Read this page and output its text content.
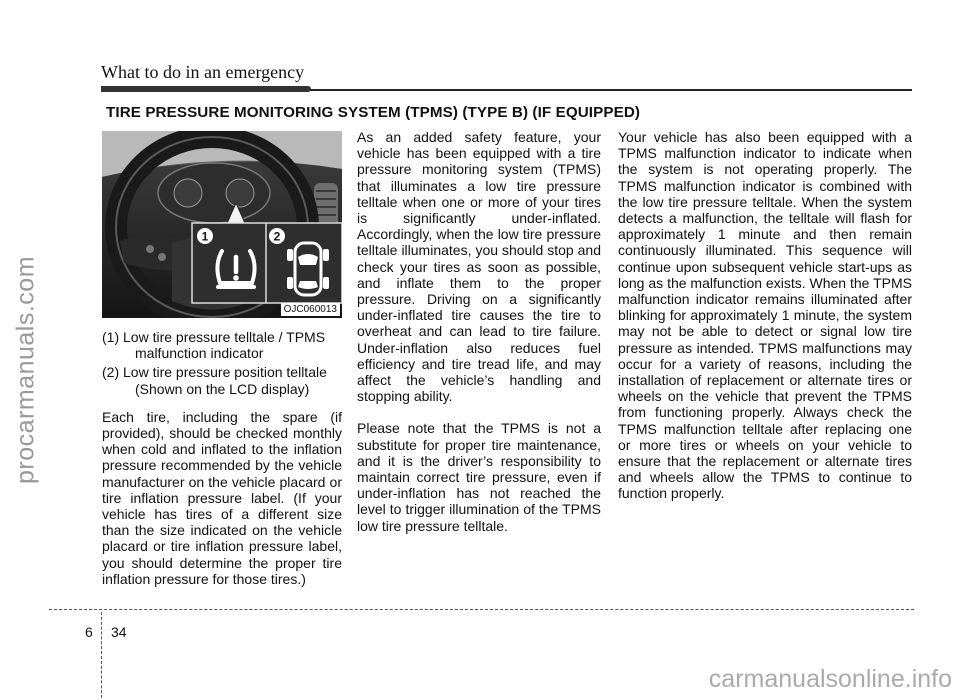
procarmanuals.com
What to do in an emergency
TIRE PRESSURE MONITORING SYSTEM (TPMS) (TYPE B) (IF EQUIPPED)
1	2
OJC060013
(1) Low tire pressure telltale / TPMS malfunction indicator
(2) Low tire pressure position telltale (Shown on the LCD display)

Each tire, including the spare (if provided), should be checked monthly when cold and inflated to the inflation pressure recommended by the vehicle manufacturer on the vehicle placard or tire inflation pressure label. (If your vehicle has tires of a different size than the size indicated on the vehicle placard or tire inflation pressure label, you should determine the proper tire inflation pressure for those tires.)

As an added safety feature, your vehicle has been equipped with a tire pressure monitoring system (TPMS) that illuminates a low tire pressure telltale when one or more of your tires is significantly under-inflated. Accordingly, when the low tire pressure telltale illuminates, you should stop and check your tires as soon as possible, and inflate them to the proper pressure. Driving on a significantly under-inflated tire causes the tire to overheat and can lead to tire failure. Under-inflation also reduces fuel efficiency and tire tread life, and may affect the vehicle’s handling and stopping ability.

Please note that the TPMS is not a substitute for proper tire maintenance, and it is the driver’s responsibility to maintain correct tire pressure, even if under-inflation has not reached the level to trigger illumination of the TPMS low tire pressure telltale.

Your vehicle has also been equipped with a TPMS malfunction indicator to indicate when the system is not operating properly. The TPMS malfunction indicator is combined with the low tire pressure telltale. When the system detects a malfunction, the telltale will flash for approximately 1 minute and then remain continuously illuminated. This sequence will continue upon subsequent vehicle start-ups as long as the malfunction exists. When the TPMS malfunction indicator remains illuminated after blinking for approximately 1 minute, the system may not be able to detect or signal low tire pressure as intended. TPMS malfunctions may occur for a variety of reasons, including the installation of replacement or alternate tires or wheels on the vehicle that prevent the TPMS from functioning properly. Always check the TPMS malfunction telltale after replacing one or more tires or wheels on your vehicle to ensure that the replacement or alternate tires and wheels allow the TPMS to continue to function properly.

6 34
carmanualsonline.info
